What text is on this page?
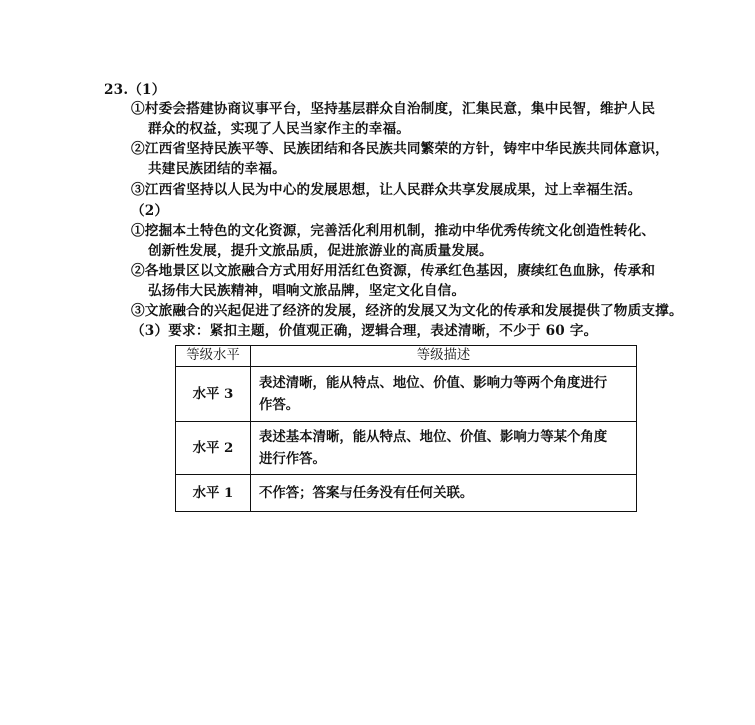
23.（1）
①村委会搭建协商议事平台，坚持基层群众自治制度，汇集民意，集中民智，维护人民
群众的权益，实现了人民当家作主的幸福。
②江西省坚持民族平等、民族团结和各民族共同繁荣的方针，铸牢中华民族共同体意识，
共建民族团结的幸福。
③江西省坚持以人民为中心的发展思想，让人民群众共享发展成果，过上幸福生活。
（2）
①挖掘本土特色的文化资源，完善活化利用机制，推动中华优秀传统文化创造性转化、
创新性发展，提升文旅品质，促进旅游业的高质量发展。
②各地景区以文旅融合方式用好用活红色资源，传承红色基因，赓续红色血脉，传承和
弘扬伟大民族精神，唱响文旅品牌，坚定文化自信。
③文旅融合的兴起促进了经济的发展，经济的发展又为文化的传承和发展提供了物质支撑。
（3）要求：紧扣主题，价值观正确，逻辑合理，表述清晰，不少于 60 字。
等级水平	等级描述
水平 3	表述清晰，能从特点、地位、价值、影响力等两个角度进行
作答。

水平 2	表述基本清晰，能从特点、地位、价值、影响力等某个角度
进行作答。

水平 1	不作答；答案与任务没有任何关联。
